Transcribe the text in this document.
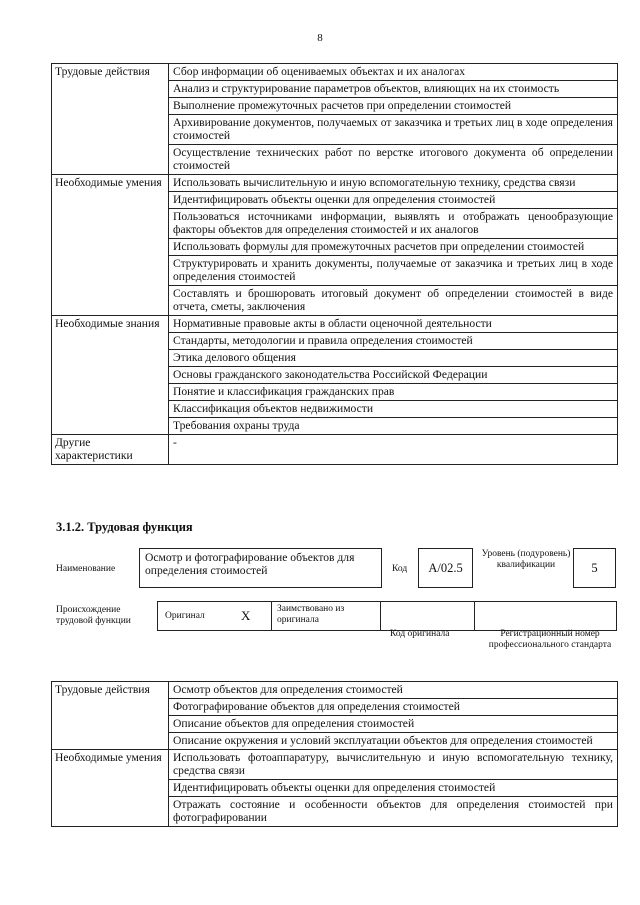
8
Трудовые действия	Сбор информации об оцениваемых объектах и их аналогах
	Анализ и структурирование параметров объектов, влияющих на их стоимость
	Выполнение промежуточных расчетов при определении стоимостей
	Архивирование документов, получаемых от заказчика и третьих лиц в ходе определения стоимостей
	Осуществление технических работ по верстке итогового документа об определении стоимостей
Необходимые умения	Использовать вычислительную и иную вспомогательную технику, средства связи
	Идентифицировать объекты оценки для определения стоимостей
	Пользоваться источниками информации, выявлять и отображать ценообразующие факторы объектов для определения стоимостей и их аналогов
	Использовать формулы для промежуточных расчетов при определении стоимостей
	Структурировать и хранить документы, получаемые от заказчика и третьих лиц в ходе определения стоимостей
	Составлять и брошюровать итоговый документ об определении стоимостей в виде отчета, сметы, заключения
Необходимые знания	Нормативные правовые акты в области оценочной деятельности
	Стандарты, методологии и правила определения стоимостей
	Этика делового общения
	Основы гражданского законодательства Российской Федерации
	Понятие и классификация гражданских прав
	Классификация объектов недвижимости
	Требования охраны труда
Другие характеристики	-
3.1.2. Трудовая функция
Наименование
Осмотр и фотографирование объектов для определения стоимостей	Код	А/02.5
Уровень (подуровень) квалификации	5
Происхождение трудовой функции	Оригинал	X	Заимствовано из оригинала
Код оригинала	Регистрационный номер профессионального стандарта
Трудовые действия	Осмотр объектов для определения стоимостей
	Фотографирование объектов для определения стоимостей
	Описание объектов для определения стоимостей
	Описание окружения и условий эксплуатации объектов для определения стоимостей
Необходимые умения	Использовать фотоаппаратуру, вычислительную и иную вспомогательную технику, средства связи
	Идентифицировать объекты оценки для определения стоимостей
	Отражать состояние и особенности объектов для определения стоимостей при фотографировании
